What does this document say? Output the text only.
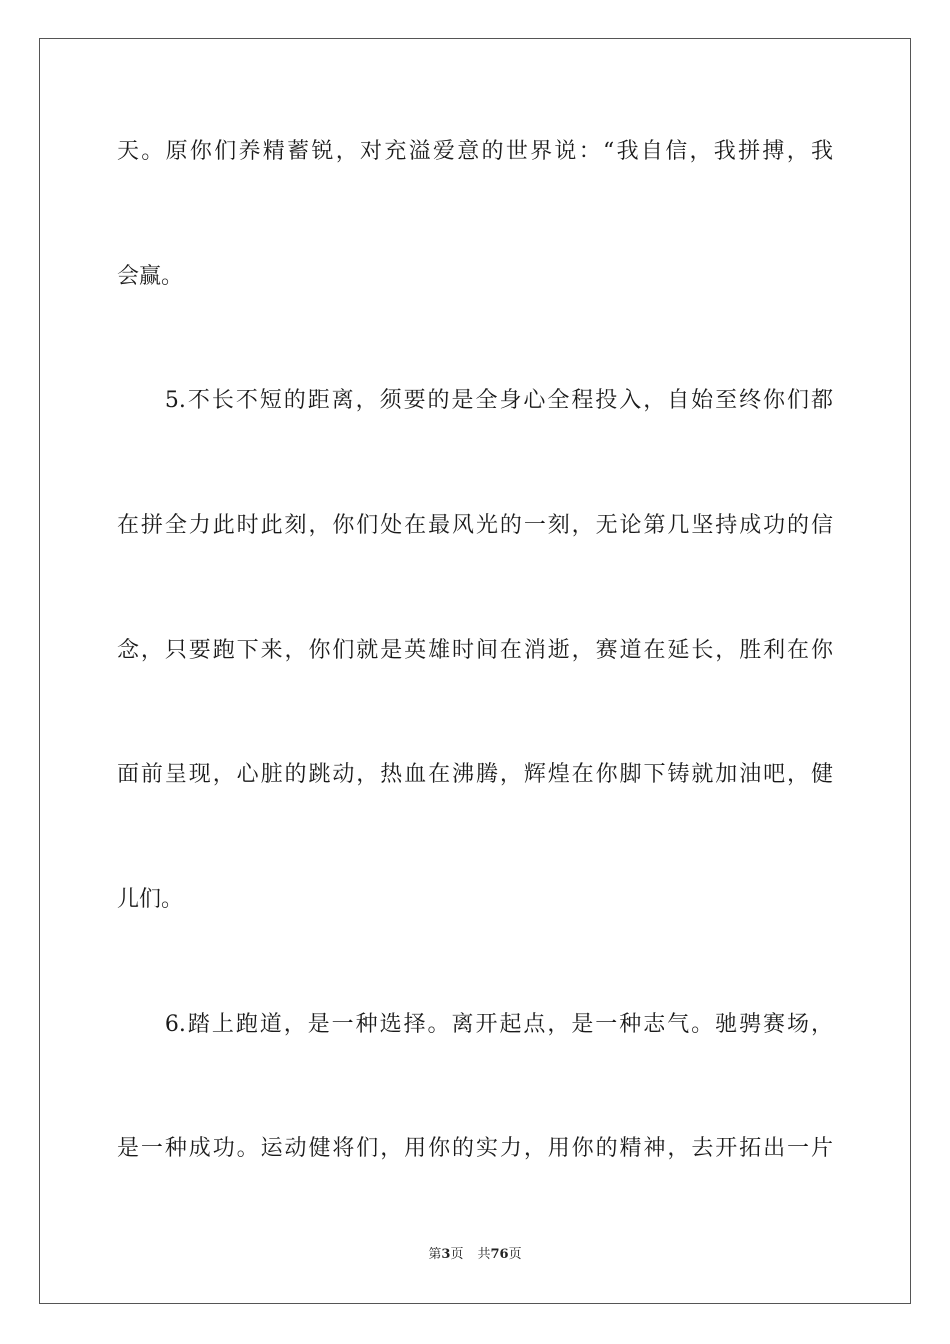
天。原你们养精蓄锐，对充溢爱意的世界说：“我自信，我拼搏，我
会赢。
　　5.不长不短的距离，须要的是全身心全程投入，自始至终你们都
在拼全力此时此刻，你们处在最风光的一刻，无论第几坚持成功的信
念，只要跑下来，你们就是英雄时间在消逝，赛道在延长，胜利在你
面前呈现，心脏的跳动，热血在沸腾，辉煌在你脚下铸就加油吧，健
儿们。
　　6.踏上跑道，是一种选择。离开起点，是一种志气。驰骋赛场，
是一种成功。运动健将们，用你的实力，用你的精神，去开拓出一片
第3页 共76页
